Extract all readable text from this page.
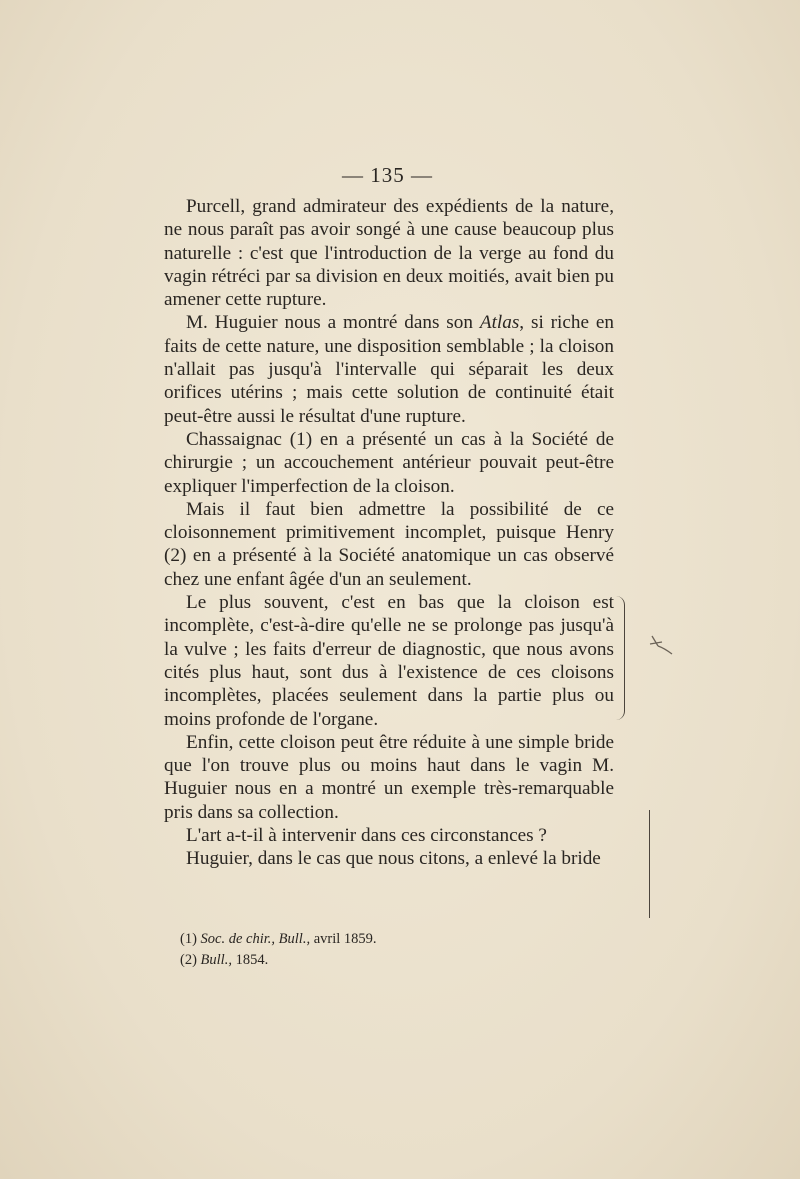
— 135 —

Purcell, grand admirateur des expédients de la nature, ne nous paraît pas avoir songé à une cause beaucoup plus naturelle : c'est que l'introduction de la verge au fond du vagin rétréci par sa division en deux moitiés, avait bien pu amener cette rupture.

M. Huguier nous a montré dans son Atlas, si riche en faits de cette nature, une disposition semblable ; la cloison n'allait pas jusqu'à l'intervalle qui séparait les deux orifices utérins ; mais cette solution de continuité était peut-être aussi le résultat d'une rupture.

Chassaignac (1) en a présenté un cas à la Société de chirurgie ; un accouchement antérieur pouvait peut-être expliquer l'imperfection de la cloison.

Mais il faut bien admettre la possibilité de ce cloisonnement primitivement incomplet, puisque Henry (2) en a présenté à la Société anatomique un cas observé chez une enfant âgée d'un an seulement.

Le plus souvent, c'est en bas que la cloison est incomplète, c'est-à-dire qu'elle ne se prolonge pas jusqu'à la vulve ; les faits d'erreur de diagnostic, que nous avons cités plus haut, sont dus à l'existence de ces cloisons incomplètes, placées seulement dans la partie plus ou moins profonde de l'organe.

Enfin, cette cloison peut être réduite à une simple bride que l'on trouve plus ou moins haut dans le vagin M. Huguier nous en a montré un exemple très-remarquable pris dans sa collection.

L'art a-t-il à intervenir dans ces circonstances ?

Huguier, dans le cas que nous citons, a enlevé la bride

(1) Soc. de chir., Bull., avril 1859.

(2) Bull., 1854.
